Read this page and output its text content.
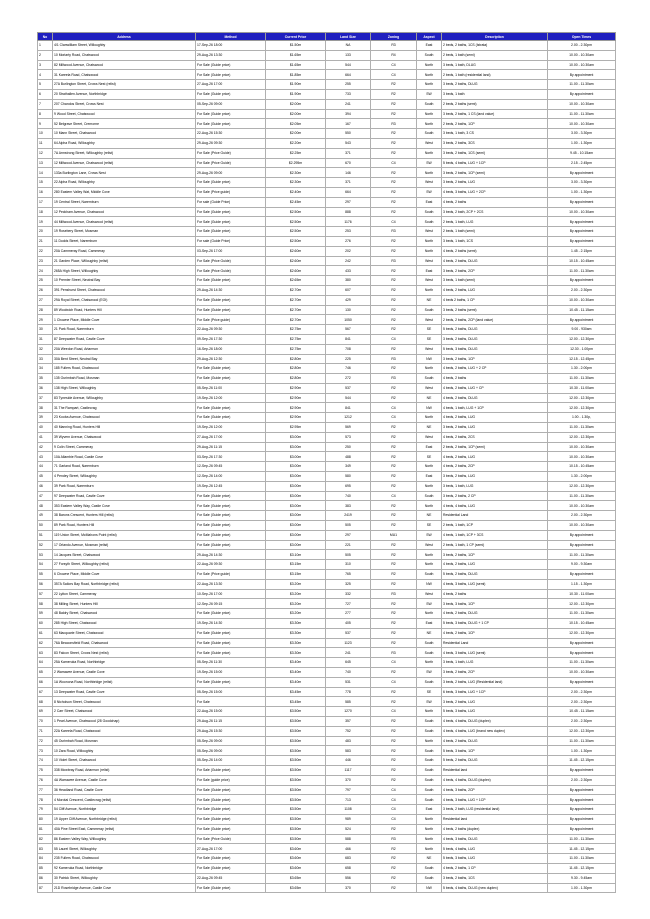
No	Address	Method	Current Price	Land Size	Zoning	Aspect	Description	Open Times
1	4/1 Clanwilliam Street, Willoughby	17-Sep-26 18:00	$1.50m	NA	R3	East	2 beds, 2 baths, 1CS (Istrata)	2.00 - 2.30pm
2	10 Moriarty Road, Chatswood	29-Aug-26 13:30	$1.65m	133	R4	South	2 beds, 1 bath (semi)	10.00 - 10.30am
3	82 Millwood Avenue, Chatswood	For Sale (Guide price)	$1.65m	544	C4	North	3 beds, 1 bath, DLUG	10.00 - 10.30am
4	31 Kareela Road, Chatswood	For Sale (Guide price)	$1.85m	664	C4	North	2 beds, 1 bath (residential land)	By appointment
5	27A Burlington Street, Crows Nest (relist)	27-Aug-26 17:00	$1.90m	255	R2	North	3 beds, 2 baths, DLUG	11.00 - 11.30am
6	20 Strathallen Avenue, Northbridge	For Sale (Guide price)	$1.90m	733	R2	SW	3 beds, 1 bath	By appointment
7	207 Chandos Street, Crows Nest	05-Sep-26 09:00	$2.00m	241	R2	South	2 beds, 2 baths (semi)	10.00 - 10.30am
8	9 Wood Street, Chatswood	For Sale (Guide price)	$2.00m	394	R2	North	3 beds, 2 baths, 1 CS (land value)	11.00 - 11.30am
9	52 Belgrave Street, Cremorne	For Sale (Guide price)	$2.05m	167	R3	North	2 beds, 2 baths, 1CP	10.00 - 10.30am
10	10 Mann Street, Chatswood	22-Aug-26 15:30	$2.00m	550	R2	South	3 beds, 1 bath, 3 CS	3.00 - 3.30pm
11	64 Alpha Road, Willoughby	29-Aug-26 09:30	$2.20m	543	R2	West	3 beds, 2 baths, 3CS	1.00 - 1.30pm
12	7A Armstrong Street, Willoughby (relist)	For Sale (Price Guide)	$2.25m	371	R2	North	3 beds, 2 baths, 1CS (semi)	9.45 - 10.15am
13	12 Millwood Avenue, Chatswood (relist)	For Sale (Price Guide)	$2.295m	670	C4	SW	5 beds, 4 baths, LUG + 1CP	2.15 - 2.45pm
14	133a Burlington Lane, Crows Nest	29-Aug-26 09:00	$2.30m	146	R2	North	3 beds, 2 baths, 1CP (semi)	By appointment
15	22 Alpha Road, Willoughby	For Sale (Guide price)	$2.30m	371	R2	West	3 beds, 2 baths, LUG	3.00 - 3.30pm
16	280 Eastern Valley Wat, Middle Cove	For Sale (Price guide)	$2.40m	664	R2	SW	4 beds, 3 baths, LUG + 2CP	1.00 - 1.30pm
17	19 Central Street, Naremburn	For sale (Guide Price)	$2.45m	297	R2	East	4 beds, 2 baths	By appointment
18	12 Peckham Avenue, Chatswood	For Sale (Guide price)	$2.50m	888	R2	South	3 beds, 2 bath, 2CP + 2CS	10.00 - 10.30am
19	44 Millwood Avenue, Chatswood (relist)	For Sale (Guide price)	$2.50m	1176	C4	South	2 beds, 1 bath, LUG	By appointment
20	19 Rosebery Street, Mosman	For Sale (Guide price)	$2.50m	253	R3	West	2 beds, 1 bath (semi)	By appointment
21	11 Dodds Street, Naremburn	For sale (Guide Price)	$2.50m	276	R2	North	3 beds, 1 bath, 1CS	By appointment
22	20A Cammeray Road, Cammeray	03-Sep-26 17:00	$2.60m	202	R2	North	4 beds, 2 baths (semi)	1.45 - 2.15pm
23	21 Garden Place, Willoughby (relist)	For Sale (Price Guide)	$2.60m	242	R3	West	4 beds, 2 baths, DLUG	10.15 - 10.45am
24	265A High Street, Willoughby	For Sale (Price Guide)	$2.60m	433	R2	East	3 beds, 2 baths, 2CP	11.00 - 11.30am
25	10 Premier Street, Neutral Bay	For Sale (Guide price)	$2.65m	380	R2	West	3 beds, 1 bath (semi)	By appointment
26	391 Penshurst Street, Chatswood	29-Aug-26 14:30	$2.70m	607	R2	North	4 beds, 2 baths, LUG	2.00 - 2.30pm
27	29A Royal Street, Chatswood (EOI)	For Sale (Guide price)	$2.70m	429	R2	NE	4 beds 2 baths, 1 CP	10.00 - 10.30am
28	89 Woolwich Road, Hunters Hill	For Sale (Guide price)	$2.70m	130	R2	South	3 beds, 2 baths (semi)	10.45 - 11.15am
29	1 Chowne Place, Middle Cove	For Sale (Price guide)	$2.70m	1050	R2	West	2 beds, 2 baths, 2CP (land value)	By appointment
30	21 Park Road, Naremburn	22-Aug-26 09:30	$2.75m	567	R2	SE	5 beds, 2 baths, DLUG	9.00 - 930am
31	87 Deepwater Road, Castle Cove	09-Sep-26 17:30	$2.75m	841	C4	SE	3 beds, 2 baths, DLUG	12.00 - 12.30pm
32	20A Weedon Road, Artarmon	16-Sep-26 18:00	$2.75m	708	R2	West	5 beds, 3 baths, DLUG	12.30 - 1.00pm
33	30A Bent Street, Neutral Bay	29-Aug-26 12:30	$2.80m	225	R3	NW	3 beds, 2 baths, 1CP	12.15 - 12.45pm
34	185 Fullers Road, Chatswood	For Sale (Guide price)	$2.80m	746	R2	North	4 beds, 2 baths, LUG + 2 CP	1.30 - 2.00pm
35	135 Ourimbah Road, Mosman	For Sale (Guide price)	$2.80m	272	R3	South	4 beds, 2 baths	11.00 - 11.30am
36	138 High Street, Willoughby	05-Sep-26 11:00	$2.90m	537	R2	West	4 beds, 2 baths, LUG + CP	10.30 - 11.00am
37	83 Tyneside Avenue, Willoughby	19-Sep-26 12:00	$2.90m	544	R2	NE	4 beds, 2 baths, DLUG	12.00 - 12.30pm
38	31 The Rampart, Castlecrag	For Sale (Guide price)	$2.90m	841	C4	NW	4 beds, 1 bath, LUG + 1CP	12.00 - 12.30pm
39	23 Kooba Avenue, Chatswood	For Sale (Guide price)	$2.90m	1212	C4	North	4 beds, 2 baths, LUG	1.00 - 1.30p,
40	40 Manning Road, Hunters Hill	19-Sep-26 12:00	$2.95m	569	R2	NE	3 beds, 2 baths, LUG	11.00 - 11.30am
41	39 Wyvern Avenue, Chatswood	27-Aug-26 17:00	$3.00m	573	R2	West	4 beds, 2 baths, 2CS	12.00 - 12.30pm
42	9 Colin Street, Cammeray	29-Aug-26 11:15	$3.00m	250	R2	East	2 beds, 2 baths, 1CP (semi)	10.00 - 10.30am
43	10A Allambie Road, Castle Cove	03-Sep-26 17:30	$3.00m	488	R2	SE	4 beds, 2 baths, LUG	10.00 - 10.30am
44	71 Garland Road, Naremburn	12-Sep-26 09:45	$3.00m	349	R2	North	4 beds, 2 baths, 2CP	10.15 - 10.45am
45	4 Pendey Street, Willoughby	12-Sep-26 14:00	$3.00m	580	R2	East	3 beds, 2 baths, LUG	1.30 - 2.00pm
46	39 Park Road, Naremburn	19-Sep-26 12:45	$3.00m	695	R2	North	3 beds, 1 bath, LUG	12.00 - 12.30pm
47	97 Deepwater Road, Castle Cove	For Sale (Guide price)	$3.00m	740	C4	South	3 beds, 2 baths, 2 CP	11.00 - 11.30am
48	353 Eastern Valley Way, Castle Cove	For Sale (Guide price)	$3.00m	383	R2	North	4 beds, 4 baths, LUG	10.00 - 10.30am
49	38 Barons Crescent, Hunters Hill (relist)	For Sale (Guide price)	$3.00m	2419	R2	NE	Residential Land	2.00 - 2.30pm
50	89 Park Road, Hunters Hill	For Sale (Guide price)	$3.00m	505	R2	SE	2 beds, 1 bath, 1CP	10.00 - 10.30am
51	119 Union Street, McMahons Point (relist)	For Sale (Guide price)	$3.00m	297	MU1	SW	4 beds, 1 bath, 1CP + 3CS	By appointment
52	17 Orlando Avenue, Mosman (relist)	For Sale (Guide price)	$3.00m	221	R2	West	2 beds, 1 bath, 1 CP (semi)	By appointment
53	14 Jacques Street, Chatswood	29-Aug-26 14:30	$3.10m	505	R2	North	3 beds, 2 baths, 1CP	11.00 - 11.30am
54	27 Forsyth Street, Willoughby (relist)	22-Aug-26 09:30	$3.15m	310	R2	North	4 beds, 2 baths, LUG	9.00 - 9.30am
55	6 Chowne Place, Middle Cove	For Sale (Price guide)	$3.15m	765	R2	South	5 beds, 2 baths, DLUG	By appointment
56	357A Sailors Bay Road, Northbridge (relist)	22-Aug-26 13:30	$3.20m	325	R2	NW	4 beds, 3 baths, LUG (semi)	1.15 - 1.30pm
57	22 Lytton Street, Cammeray	10-Sep-26 17:00	$3.20m	332	R3	West	4 beds, 2 baths	10.30 - 11.00am
58	38 Milling Street, Hunters Hill	12-Sep-26 09:15	$3.20m	727	R2	SW	3 beds, 3 baths, 1CP	12.00 - 12.30pm
59	48 Baldry Street, Chatswood	For Sale (Guide price)	$3.20m	277	R2	North	4 beds, 2 baths, DLUG	11.00 - 11.30am
60	285 High Street, Chatswood	19-Sep-26 14:30	$3.30m	405	R2	East	5 beds, 3 baths, DLUG + 1 CP	10.15 - 10.45am
61	63 Macquarie Street, Chatswood	For Sale (Guide price)	$3.30m	537	R2	NE	4 beds, 2 baths, 1CP	12.00 - 12.30pm
62	76A Beaconsfield Road, Chatswood	For Sale (Guide price)	$3.30m	1123	R2	South	Residential Land	By appointment
63	83 Falcon Street, Crows Nest (relist)	For Sale (Guide price)	$3.30m	241	R3	South	4 beds, 3 baths, LUG (semi)	By appointment
64	25A Kameruka Road, Northbridge	05-Sep-26 11:30	$3.40m	645	C4	North	3 beds, 1 bath, LUG	11.00 - 11.30am
65	2 Warrawee Avenue, Castle Cove	19-Sep-26 15:00	$3.40m	740	R2	SW	3 beds, 2 baths, 2CP	10.00 - 10.30am
66	1A Woonona Road, Northbridge (relist)	For Sale (Guide price)	$3.40m	531	C4	South	3 beds, 2 baths, LUG (Residential land)	By appointment
67	13 Deepwater Road, Castle Cove	05-Sep-26 15:00	$3.45m	778	R2	SE	6 beds, 3 baths, LUG + 1CP	2.00 - 2.30pm
68	8 Nicholson Street, Chatswood	For Sale	$3.45m	585	R2	SW	3 beds, 2 baths, LUG	2.00 - 2.30pm
69	2 Carr Street, Chatswood	22-Aug-26 15:00	$3.50m	1270	C4	North	5 beds, 3 baths, LUG	10.45 - 11.15am
70	1 Pearl Avenue, Chatswood (28 Goodchap)	29-Aug-26 11:15	$3.50m	357	R2	South	4 beds, 4 baths, DLUG (duplex)	2.00 - 2.30pm
71	22A Kareela Road, Chatswood	29-Aug-26 15:30	$3.50m	752	R2	South	4 beds, 4 baths, LUG (brand new duplex)	12.00 - 12.30pm
72	45 Ourimbah Road, Mosman	05-Sep-26 09:00	$3.50m	483	R2	North	4 beds, 2 baths, DLUG	11.00 - 11.30am
73	10 Zara Road, Willoughby	05-Sep-26 09:00	$3.50m	583	R2	South	5 beds, 3 baths, 1CP	1.00 - 1.30pm
74	10 Violet Street, Chatswood	05-Sep-26 14:00	$3.50m	446	R2	South	5 beds, 2 baths, DLUG	11.45 - 12.15pm
75	338 Mowbray Road, Artarmon (relist)	For Sale (Guide price)	$3.50m	1117	R2	South	Residential land	By appointment
76	4A Warrawee Avenue, Castle Cove	For Sale (guide price)	$3.50m	370	R2	South	4 beds, 4 baths, DLUG (duplex)	2.00 - 2.30pm
77	36 Headland Road, Castle Cove	For Sale (Guide price)	$3.50m	797	C4	South	4 beds, 3 baths, 2CP	By appointment
78	4 Morotai Crescent, Castlecrag (relist)	For Sale (Guide price)	$3.50m	713	C4	South	4 beds, 3 baths, LUG + 1CP	By appointment
79	54 Cliff Avenue, Northbridge	For Sale (Guide price)	$3.50m	1108	C4	East	3 beds, 2 bath, LUG (residential land)	By appointment
80	19 Upper Cliff Avenue, Northbridge (relist)	For Sale (Guide price)	$3.50m	989	C4	North	Residential land	By appointment
81	40A Pine Street East, Cammeray (relist)	For Sale (Guide price)	$3.50m	524	R2	North	4 beds, 2 baths (duplex)	By appointment
82	86 Eastern Valley Way, Willoughby	For Sale (Price Guide)	$3.50m	588	R3	North	4 beds, 3 baths, DLUG	11.00 - 11.30am
83	55 Laurel Street, Willoughby	27-Aug-26 17:00	$3.60m	466	R2	North	5 beds, 4 baths, LUG	11.45 - 12.15pm
84	235 Fullers Road, Chatswood	For Sale (Guide price)	$3.60m	683	R2	NE	5 beds, 3 baths, LUG	11.00 - 11.30am
85	92 Kameruka Road, Northbridge	For Sale (Guide price)	$3.60m	658	R2	South	4 beds, 2 baths, 1 CP	11.45 - 12.15pm
86	30 Patrick Street, Willoughby	22-Aug-26 09:45	$3.65m	556	R2	South	3 beds, 2 baths, 1CS	9.30 - 9.45am
87	21D Rosebridge Avenue, Castle Cove	For Sale (Guide price)	$3.65m	370	R2	NW	5 beds, 4 baths, DLUG (new duplex)	1.00 - 1.30pm
